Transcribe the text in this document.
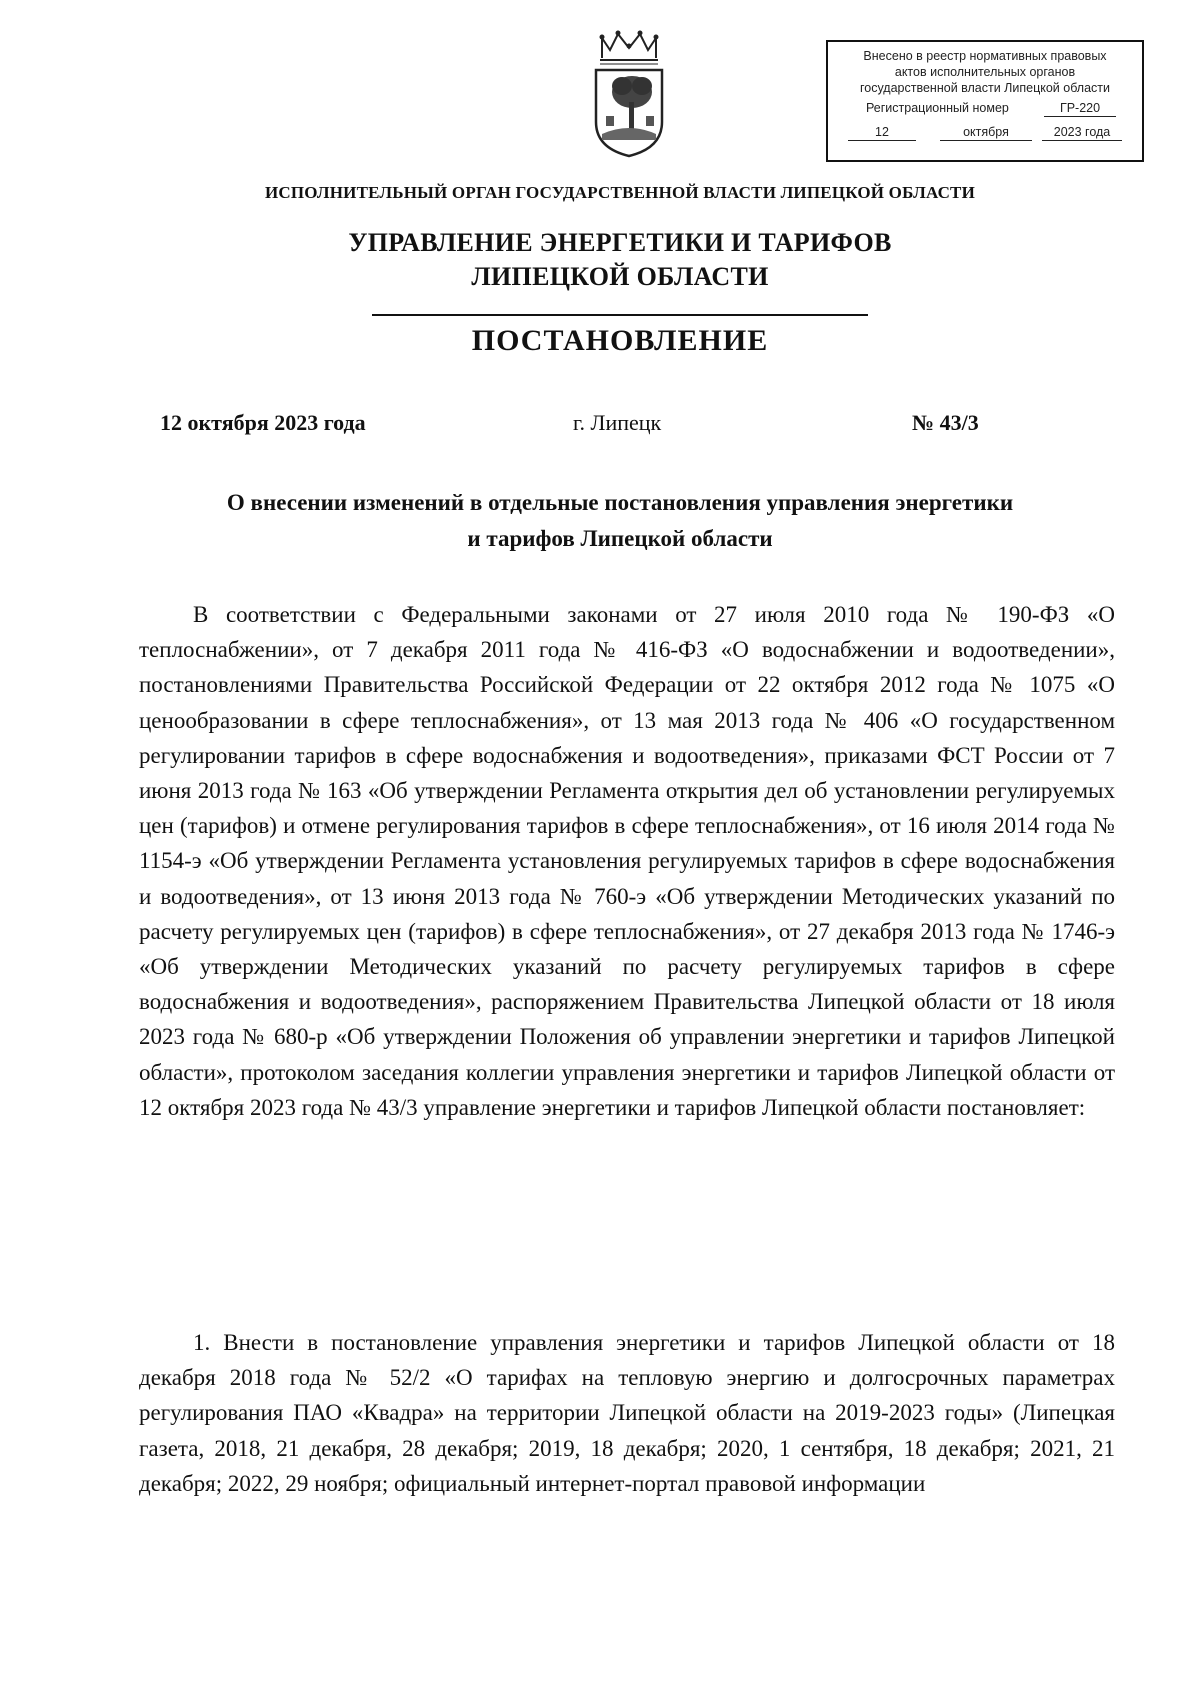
Внесено в реестр нормативных правовых
актов исполнительных органов
государственной власти Липецкой области
Регистрационный номер	ГР-220
12	октября	2023 года
ИСПОЛНИТЕЛЬНЫЙ ОРГАН ГОСУДАРСТВЕННОЙ ВЛАСТИ ЛИПЕЦКОЙ ОБЛАСТИ
УПРАВЛЕНИЕ ЭНЕРГЕТИКИ И ТАРИФОВ
ЛИПЕЦКОЙ ОБЛАСТИ
ПОСТАНОВЛЕНИЕ
12 октября 2023 года	г. Липецк	№ 43/3
О внесении изменений в отдельные постановления управления энергетики
и тарифов Липецкой области

В соответствии с Федеральными законами от 27 июля 2010 года № 190-ФЗ «О теплоснабжении», от 7 декабря 2011 года № 416-ФЗ «О водоснабжении и водоотведении», постановлениями Правительства Российской Федерации от 22 октября 2012 года № 1075 «О ценообразовании в сфере теплоснабжения», от 13 мая 2013 года № 406 «О государственном регулировании тарифов в сфере водоснабжения и водоотведения», приказами ФСТ России от 7 июня 2013 года № 163 «Об утверждении Регламента открытия дел об установлении регулируемых цен (тарифов) и отмене регулирования тарифов в сфере теплоснабжения», от 16 июля 2014 года № 1154-э «Об утверждении Регламента установления регулируемых тарифов в сфере водоснабжения и водоотведения», от 13 июня 2013 года № 760-э «Об утверждении Методических указаний по расчету регулируемых цен (тарифов) в сфере теплоснабжения», от 27 декабря 2013 года № 1746-э «Об утверждении Методических указаний по расчету регулируемых тарифов в сфере водоснабжения и водоотведения», распоряжением Правительства Липецкой области от 18 июля 2023 года № 680-р «Об утверждении Положения об управлении энергетики и тарифов Липецкой области», протоколом заседания коллегии управления энергетики и тарифов Липецкой области от 12 октября 2023 года № 43/3 управление энергетики и тарифов Липецкой области постановляет:

1. Внести в постановление управления энергетики и тарифов Липецкой области от 18 декабря 2018 года № 52/2 «О тарифах на тепловую энергию и долгосрочных параметрах регулирования ПАО «Квадра» на территории Липецкой области на 2019-2023 годы» (Липецкая газета, 2018, 21 декабря, 28 декабря; 2019, 18 декабря; 2020, 1 сентября, 18 декабря; 2021, 21 декабря; 2022, 29 ноября; официальный интернет-портал правовой информации
